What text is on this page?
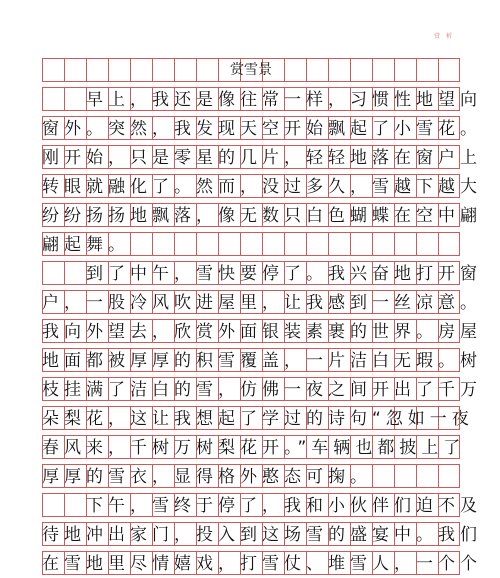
赏 析
赏雪景
　　早上，我还是像往常一样，习惯性地望向
窗外。突然，我发现天空开始飘起了小雪花。
刚开始，只是零星的几片，轻轻地落在窗户上
转眼就融化了。然而，没过多久，雪越下越大
纷纷扬扬地飘落，像无数只白色蝴蝶在空中翩
翩起舞。
　　到了中午，雪快要停了。我兴奋地打开窗
户，一股冷风吹进屋里，让我感到一丝凉意。
我向外望去，欣赏外面银装素裹的世界。房屋
地面都被厚厚的积雪覆盖，一片洁白无瑕。树
枝挂满了洁白的雪，仿佛一夜之间开出了千万
朵梨花，这让我想起了学过的诗句“忽如一夜
春风来，千树万树梨花开。”车辆也都披上了
厚厚的雪衣，显得格外憨态可掬。
　　下午，雪终于停了，我和小伙伴们迫不及
待地冲出家门，投入到这场雪的盛宴中。我们
在雪地里尽情嬉戏，打雪仗、堆雪人，一个个
